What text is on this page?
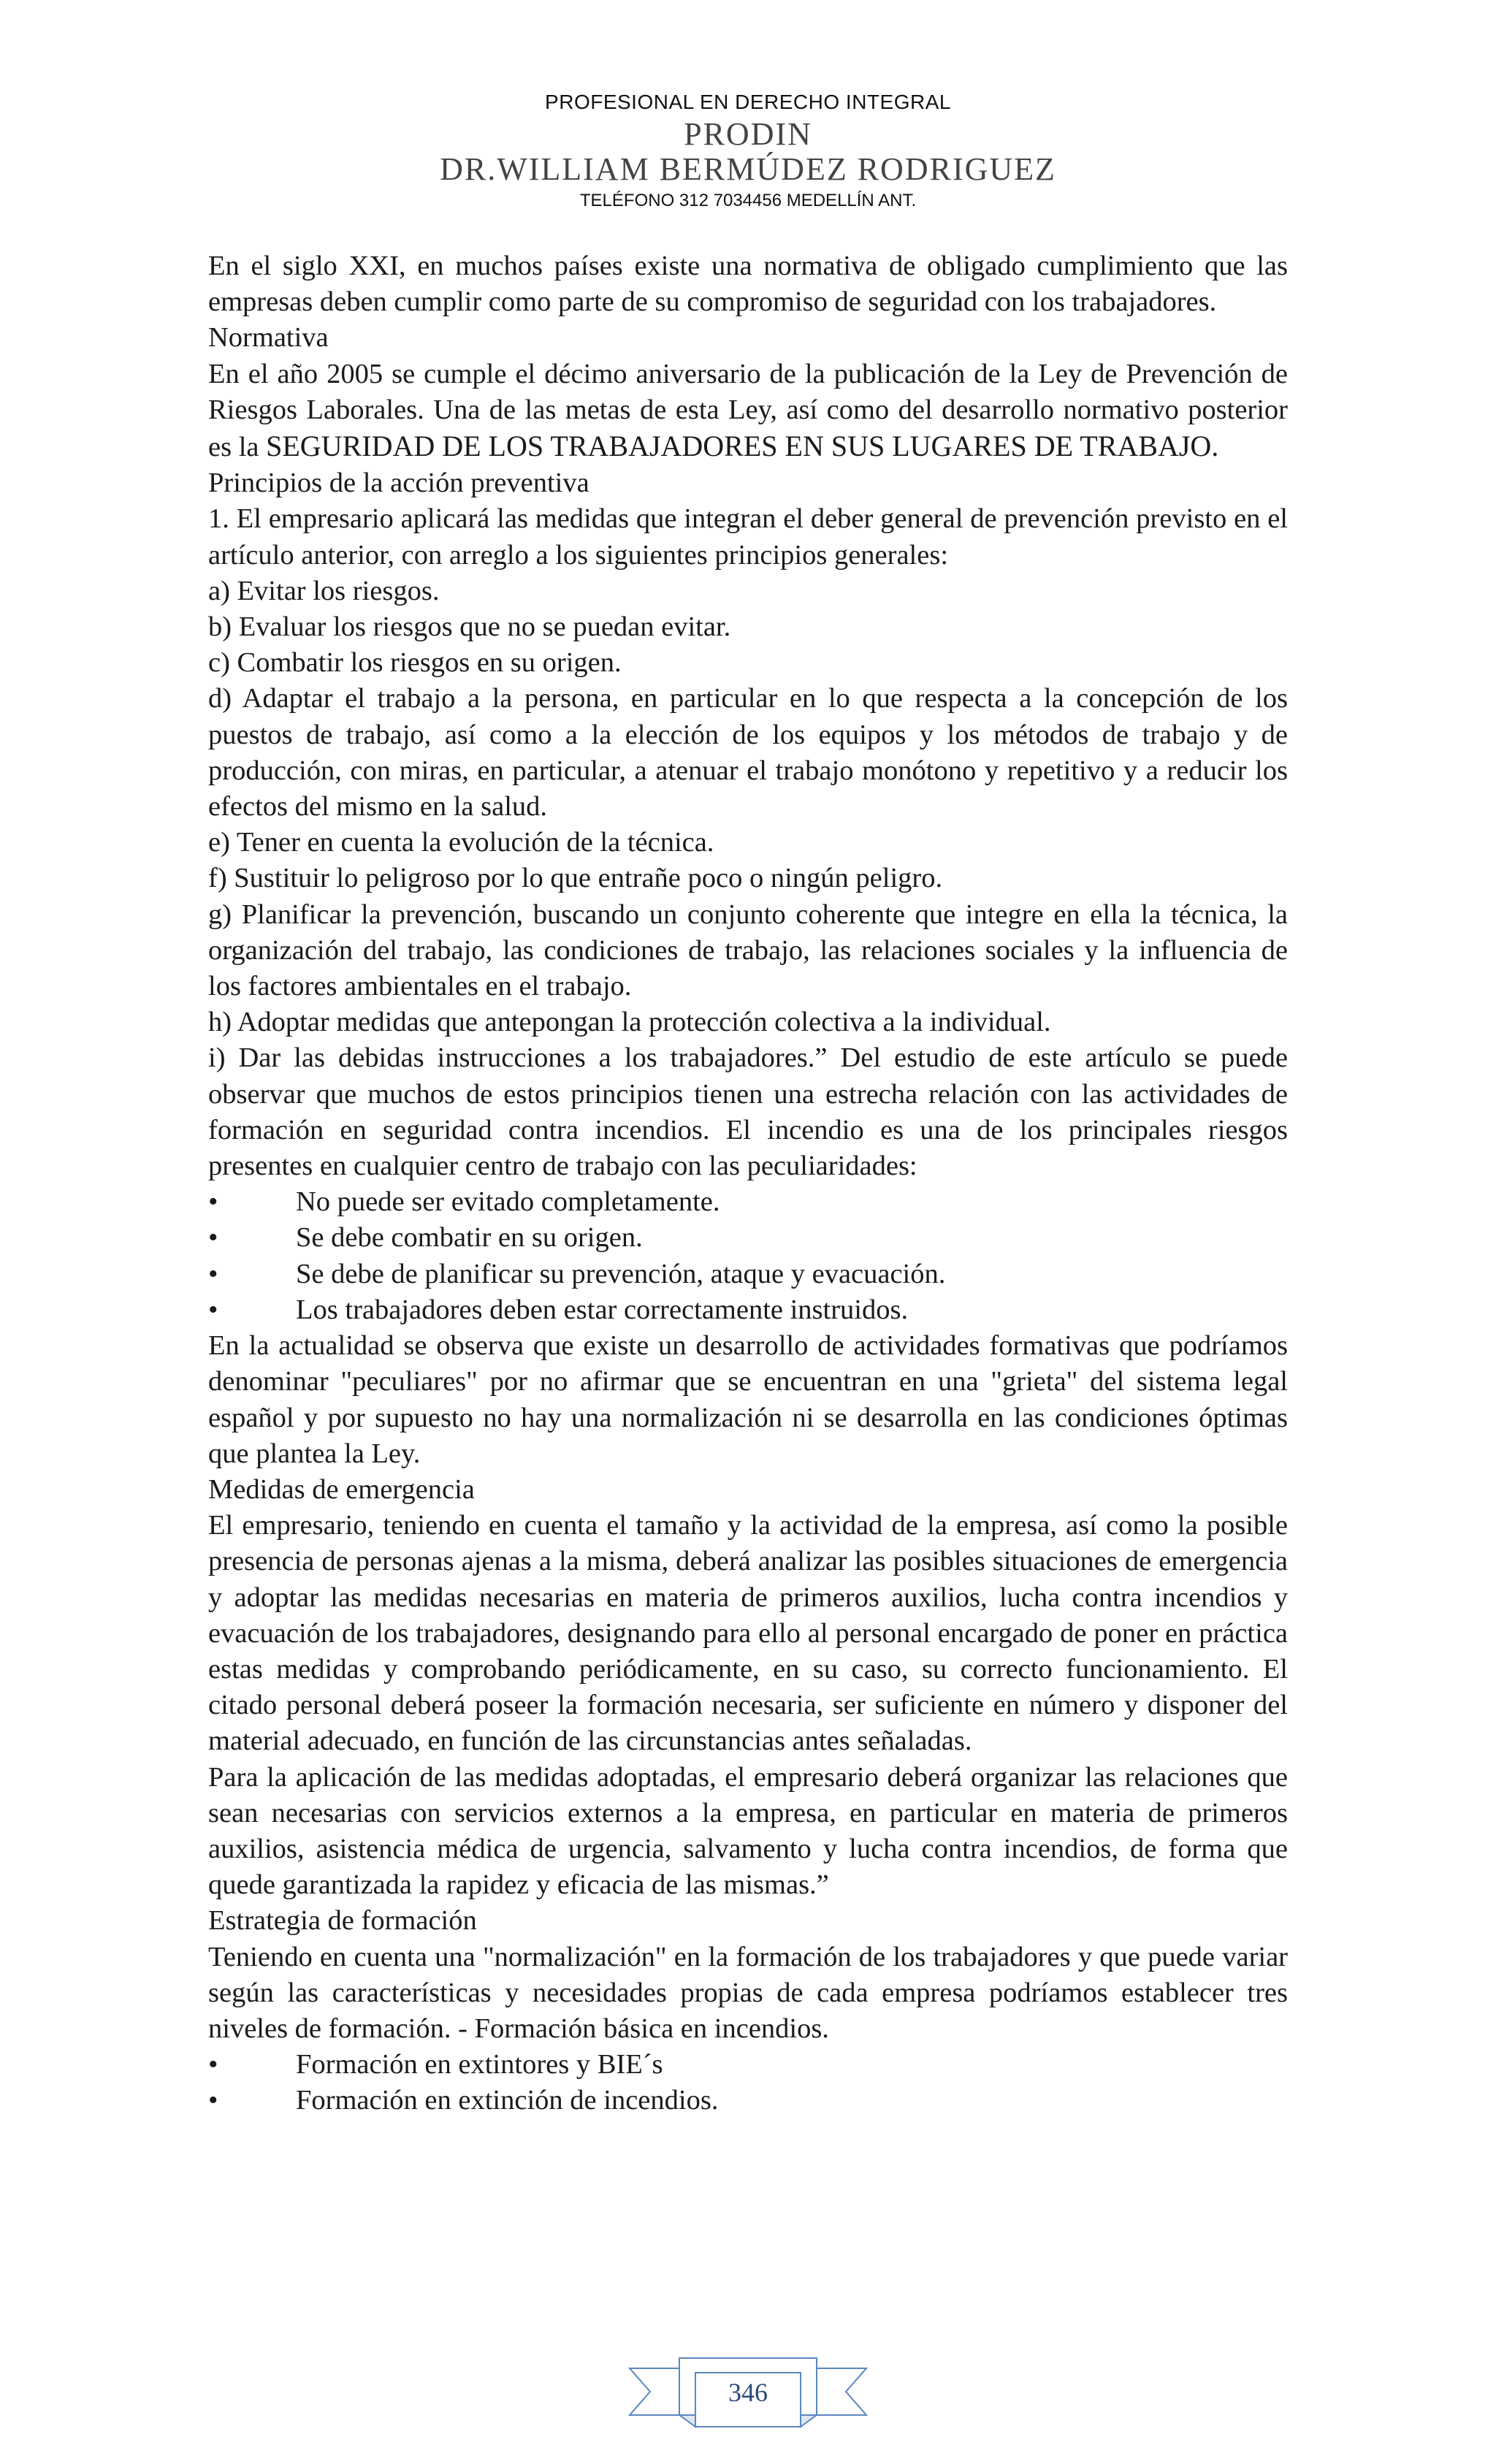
PROFESIONAL EN DERECHO INTEGRAL
PRODIN
DR.WILLIAM BERMÚDEZ RODRIGUEZ
TELÉFONO 312 7034456 MEDELLÍN ANT.

En el siglo XXI, en muchos países existe una normativa de obligado cumplimiento que las empresas deben cumplir como parte de su compromiso de seguridad con los trabajadores.

Normativa

En el año 2005 se cumple el décimo aniversario de la publicación de la Ley de Prevención de Riesgos Laborales. Una de las metas de esta Ley, así como del desarrollo normativo posterior es la SEGURIDAD DE LOS TRABAJADORES EN SUS LUGARES DE TRABAJO.

Principios de la acción preventiva

1. El empresario aplicará las medidas que integran el deber general de prevención previsto en el artículo anterior, con arreglo a los siguientes principios generales:

a) Evitar los riesgos.

b) Evaluar los riesgos que no se puedan evitar.

c) Combatir los riesgos en su origen.

d) Adaptar el trabajo a la persona, en particular en lo que respecta a la concepción de los puestos de trabajo, así como a la elección de los equipos y los métodos de trabajo y de producción, con miras, en particular, a atenuar el trabajo monótono y repetitivo y a reducir los efectos del mismo en la salud.

e) Tener en cuenta la evolución de la técnica.

f) Sustituir lo peligroso por lo que entrañe poco o ningún peligro.

g) Planificar la prevención, buscando un conjunto coherente que integre en ella la técnica, la organización del trabajo, las condiciones de trabajo, las relaciones sociales y la influencia de los factores ambientales en el trabajo.

h) Adoptar medidas que antepongan la protección colectiva a la individual.

i) Dar las debidas instrucciones a los trabajadores.” Del estudio de este artículo se puede observar que muchos de estos principios tienen una estrecha relación con las actividades de formación en seguridad contra incendios. El incendio es una de los principales riesgos presentes en cualquier centro de trabajo con las peculiaridades:

•	No puede ser evitado completamente.
•	Se debe combatir en su origen.
•	Se debe de planificar su prevención, ataque y evacuación.
•	Los trabajadores deben estar correctamente instruidos.

En la actualidad se observa que existe un desarrollo de actividades formativas que podríamos denominar "peculiares" por no afirmar que se encuentran en una "grieta" del sistema legal español y por supuesto no hay una normalización ni se desarrolla en las condiciones óptimas que plantea la Ley.

Medidas de emergencia

El empresario, teniendo en cuenta el tamaño y la actividad de la empresa, así como la posible presencia de personas ajenas a la misma, deberá analizar las posibles situaciones de emergencia y adoptar las medidas necesarias en materia de primeros auxilios, lucha contra incendios y evacuación de los trabajadores, designando para ello al personal encargado de poner en práctica estas medidas y comprobando periódicamente, en su caso, su correcto funcionamiento. El citado personal deberá poseer la formación necesaria, ser suficiente en número y disponer del material adecuado, en función de las circunstancias antes señaladas.

Para la aplicación de las medidas adoptadas, el empresario deberá organizar las relaciones que sean necesarias con servicios externos a la empresa, en particular en materia de primeros auxilios, asistencia médica de urgencia, salvamento y lucha contra incendios, de forma que quede garantizada la rapidez y eficacia de las mismas.”

Estrategia de formación

Teniendo en cuenta una "normalización" en la formación de los trabajadores y que puede variar según las características y necesidades propias de cada empresa podríamos establecer tres niveles de formación. - Formación básica en incendios.

•	Formación en extintores y BIE´s
•	Formación en extinción de incendios.
346
